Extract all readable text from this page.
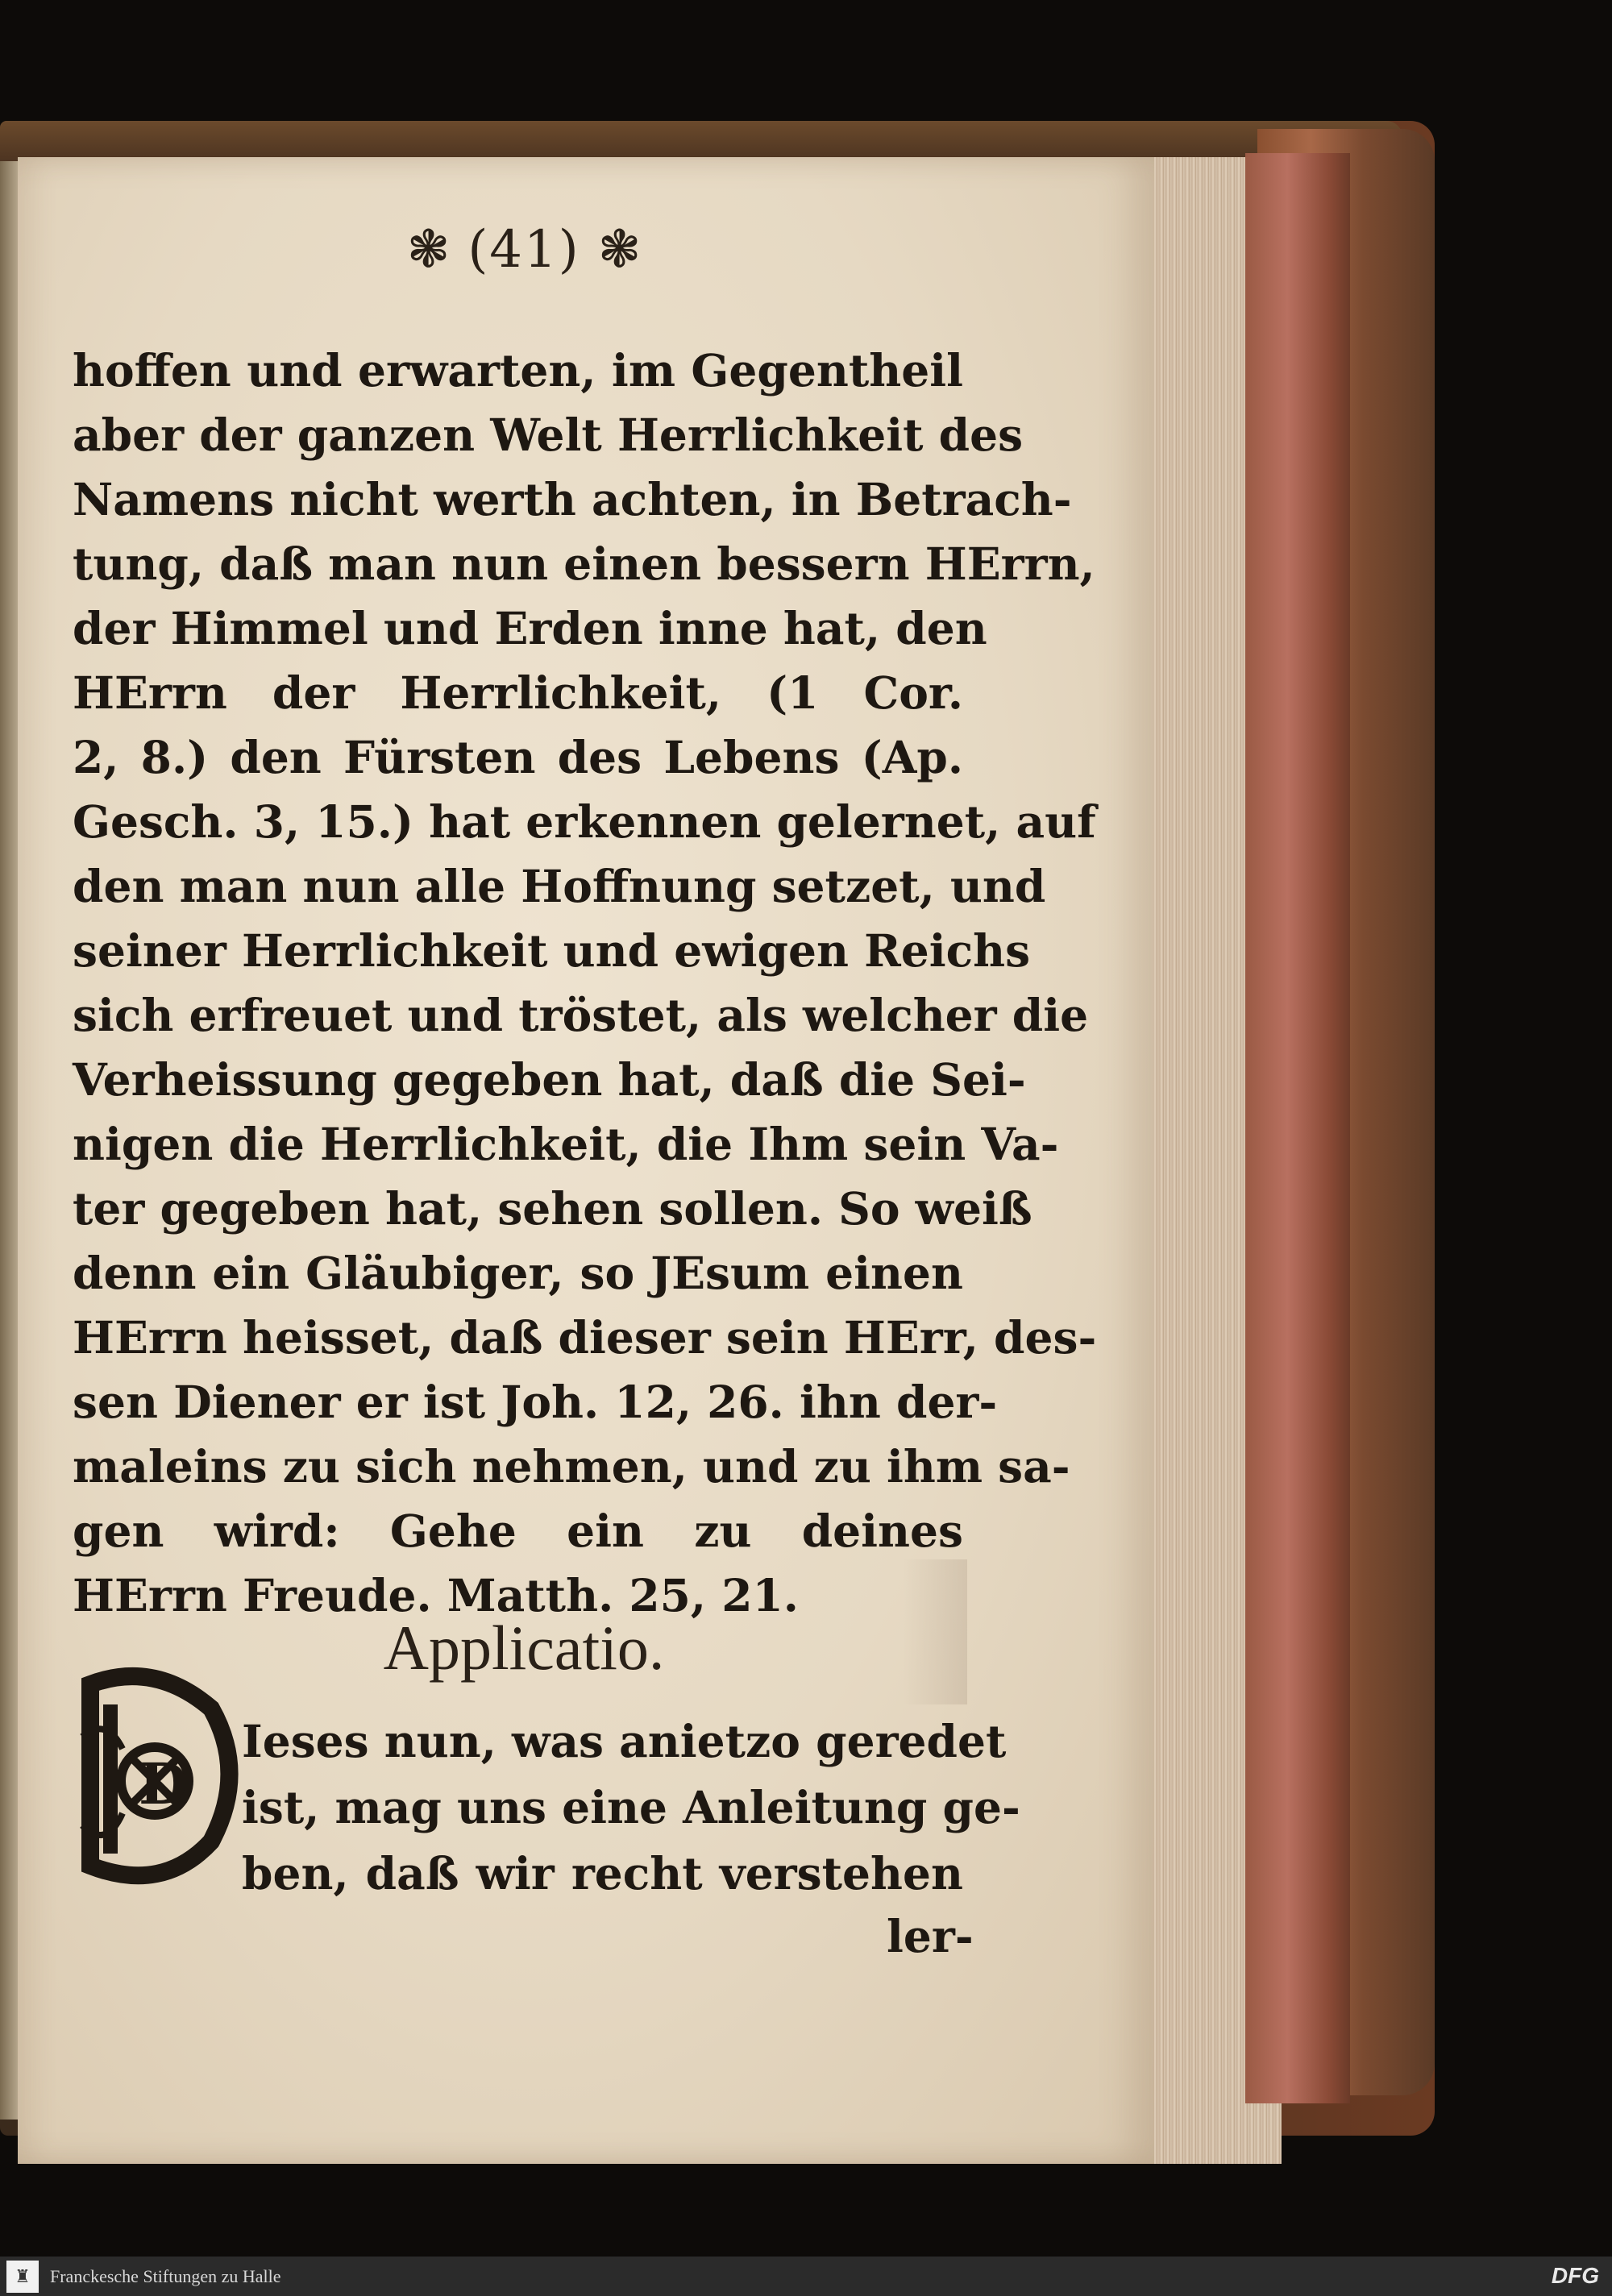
❃ (41) ❃
hoffen und erwarten, im Gegentheil
aber der ganzen Welt Herrlichkeit des
Namens nicht werth achten, in Betrach-
tung, daß man nun einen bessern HErrn,
der Himmel und Erden inne hat, den
HErrn der Herrlichkeit, (1 Cor.
2, 8.) den Fürsten des Lebens (Ap.
Gesch. 3, 15.) hat erkennen gelernet, auf
den man nun alle Hoffnung setzet, und
seiner Herrlichkeit und ewigen Reichs
sich erfreuet und tröstet, als welcher die
Verheissung gegeben hat, daß die Sei-
nigen die Herrlichkeit, die Ihm sein Va-
ter gegeben hat, sehen sollen. So weiß
denn ein Gläubiger, so JEsum einen
HErrn heisset, daß dieser sein HErr, des-
sen Diener er ist Joh. 12, 26. ihn der-
maleins zu sich nehmen, und zu ihm sa-
gen wird: Gehe ein zu deines
HErrn Freude. Matth. 25, 21.
Applicatio.
D
Ieses nun, was anietzo geredet
ist, mag uns eine Anleitung ge-
ben, daß wir recht verstehen
ler-
♜ Franckesche Stiftungen zu Halle	DFG
